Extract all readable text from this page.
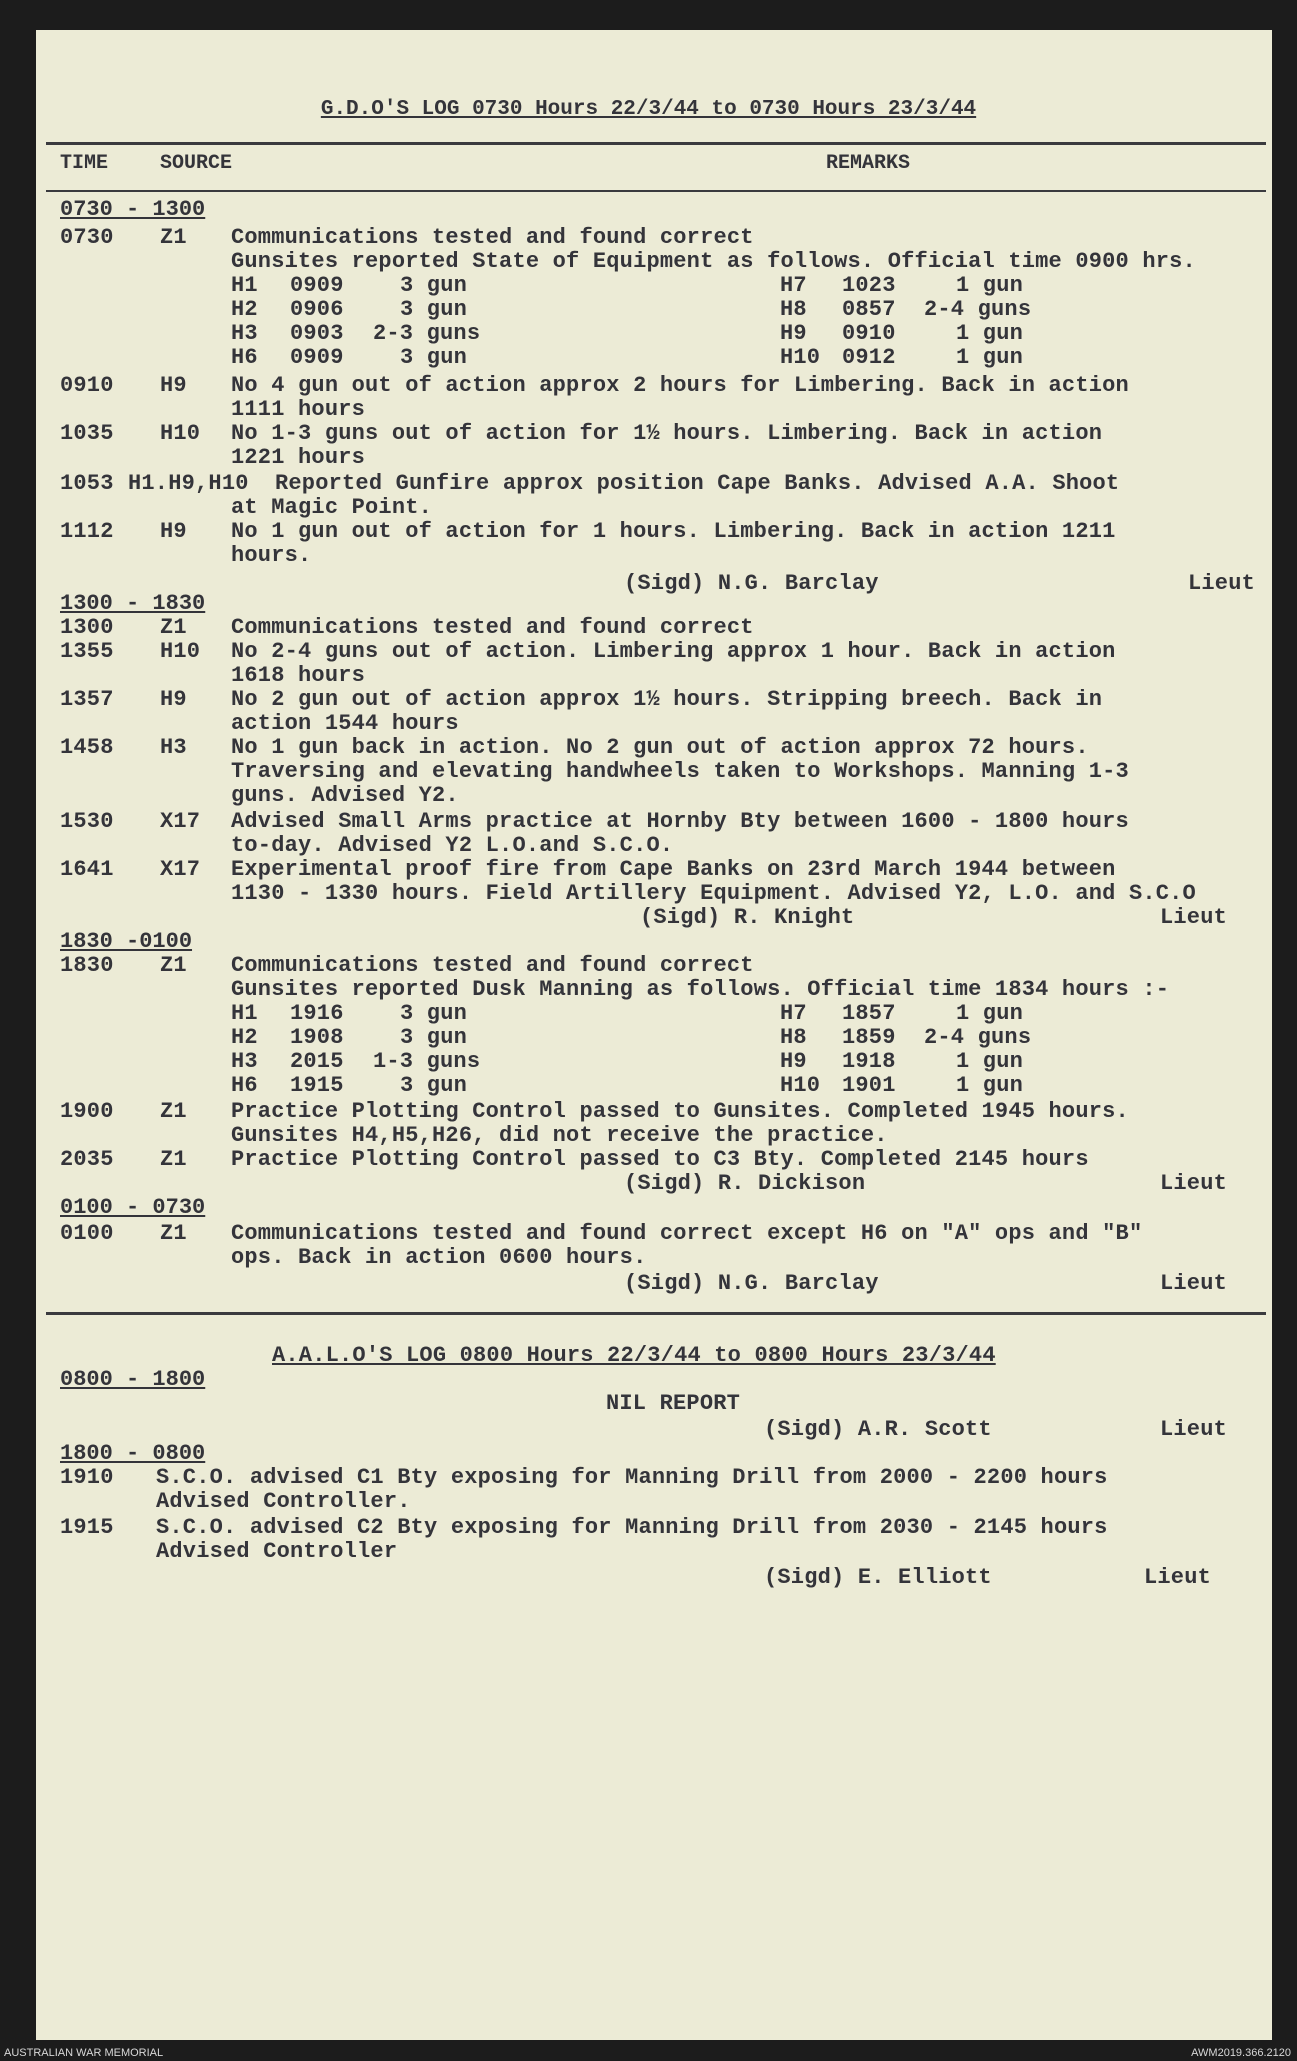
G.D.O'S LOG 0730 Hours 22/3/44 to 0730 Hours 23/3/44
TIME	SOURCE	REMARKS
0730 - 1300
0730 Z1 Communications tested and found correct
Gunsites reported State of Equipment as follows. Official time 0900 hrs.
H1 0909	3 gun	H7 1023	1 gun
H2 0906	3 gun	H8 0857 2-4 guns
H3 0903 2-3 guns	H9 0910	1 gun
H6 0909	3 gun	H10 0912	1 gun
0910 H9 No 4 gun out of action approx 2 hours for Limbering. Back in action
1111 hours
1035 H10 No 1-3 guns out of action for 1½ hours. Limbering. Back in action
1221 hours
1053 H1.H9,H10 Reported Gunfire approx position Cape Banks. Advised A.A. Shoot
at Magic Point.
1112 H9 No 1 gun out of action for 1 hours. Limbering. Back in action 1211
hours.
(Sigd) N.G. Barclay	Lieut
1300 - 1830
1300 Z1 Communications tested and found correct
1355 H10 No 2-4 guns out of action. Limbering approx 1 hour. Back in action
1618 hours
1357 H9 No 2 gun out of action approx 1½ hours. Stripping breech. Back in
action 1544 hours
1458 H3 No 1 gun back in action. No 2 gun out of action approx 72 hours.
Traversing and elevating handwheels taken to Workshops. Manning 1-3
guns. Advised Y2.
1530 X17 Advised Small Arms practice at Hornby Bty between 1600 - 1800 hours
to-day. Advised Y2 L.O.and S.C.O.
1641 X17 Experimental proof fire from Cape Banks on 23rd March 1944 between
1130 - 1330 hours. Field Artillery Equipment. Advised Y2, L.O. and S.C.O
(Sigd) R. Knight	Lieut
1830 -0100
1830 Z1 Communications tested and found correct
Gunsites reported Dusk Manning as follows. Official time 1834 hours :-
H1 1916	3 gun	H7 1857	1 gun
H2 1908	3 gun	H8 1859 2-4 guns
H3 2015 1-3 guns	H9 1918	1 gun
H6 1915	3 gun	H10 1901	1 gun
1900 Z1 Practice Plotting Control passed to Gunsites. Completed 1945 hours.
Gunsites H4,H5,H26, did not receive the practice.
2035 Z1 Practice Plotting Control passed to C3 Bty. Completed 2145 hours
(Sigd) R. Dickison	Lieut
0100 - 0730
0100 Z1 Communications tested and found correct except H6 on "A" ops and "B"
ops. Back in action 0600 hours.
(Sigd) N.G. Barclay	Lieut
A.A.L.O'S LOG 0800 Hours 22/3/44 to 0800 Hours 23/3/44
0800 - 1800
NIL REPORT
(Sigd) A.R. Scott	Lieut
1800 - 0800
1910 S.C.O. advised C1 Bty exposing for Manning Drill from 2000 - 2200 hours
Advised Controller.
1915 S.C.O. advised C2 Bty exposing for Manning Drill from 2030 - 2145 hours
Advised Controller
(Sigd) E. Elliott	Lieut
AUSTRALIAN WAR MEMORIAL	AWM2019.366.2120
